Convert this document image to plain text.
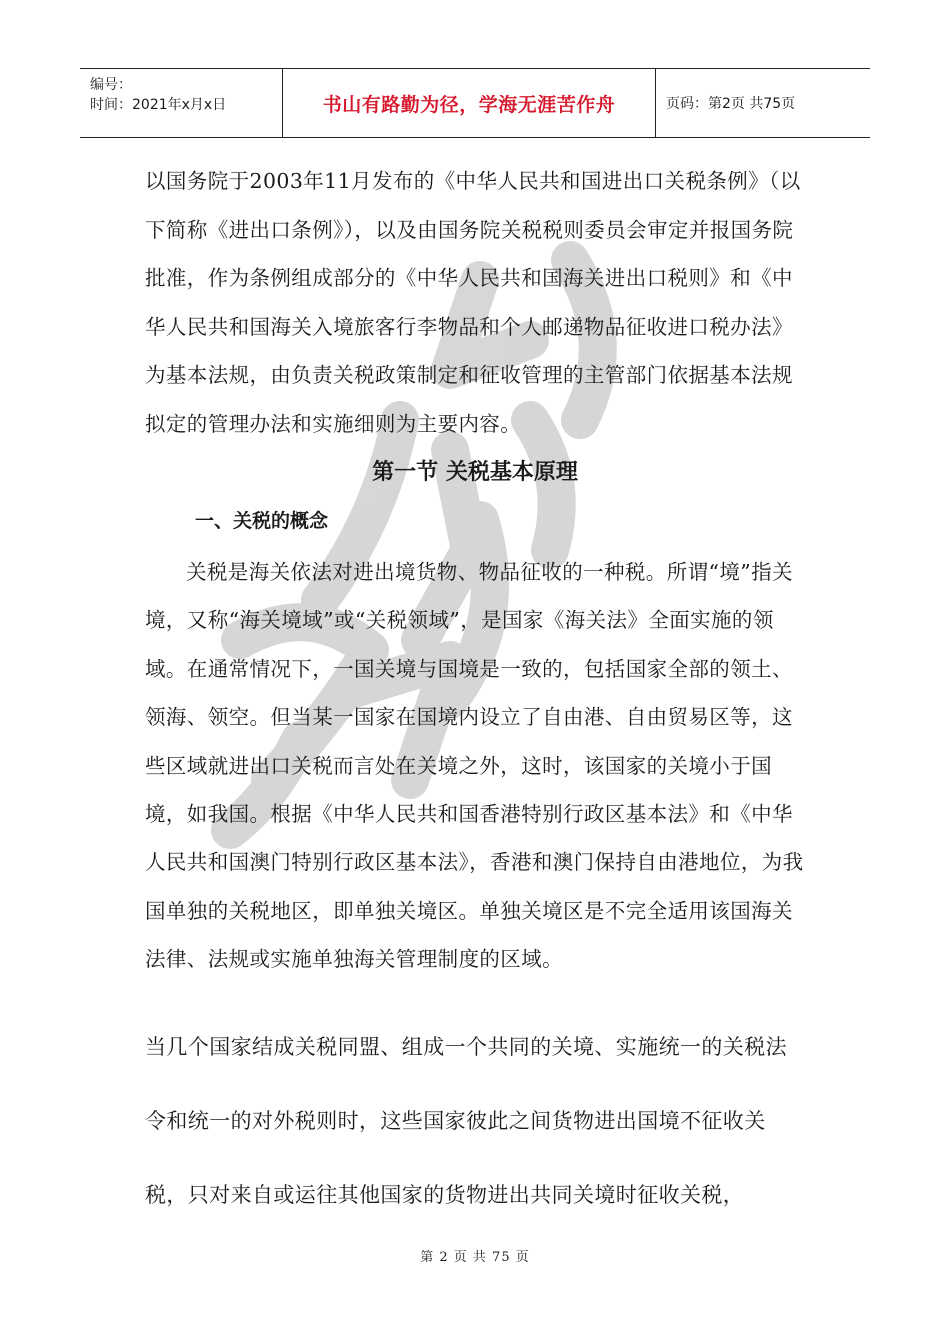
编号：
时间：2021年x月x日	书山有路勤为径，学海无涯苦作舟	页码：第2页 共75页
以国务院于2003年11月发布的《中华人民共和国进出口关税条例》（以下简称《进出口条例》），以及由国务院关税税则委员会审定并报国务院批准，作为条例组成部分的《中华人民共和国海关进出口税则》和《中华人民共和国海关入境旅客行李物品和个人邮递物品征收进口税办法》为基本法规，由负责关税政策制定和征收管理的主管部门依据基本法规拟定的管理办法和实施细则为主要内容。
第一节 关税基本原理
一、关税的概念
关税是海关依法对进出境货物、物品征收的一种税。所谓“境”指关境，又称“海关境域”或“关税领域”，是国家《海关法》全面实施的领域。在通常情况下，一国关境与国境是一致的，包括国家全部的领土、领海、领空。但当某一国家在国境内设立了自由港、自由贸易区等，这些区域就进出口关税而言处在关境之外，这时，该国家的关境小于国境，如我国。根据《中华人民共和国香港特别行政区基本法》和《中华人民共和国澳门特别行政区基本法》，香港和澳门保持自由港地位，为我国单独的关税地区，即单独关境区。单独关境区是不完全适用该国海关法律、法规或实施单独海关管理制度的区域。
当几个国家结成关税同盟、组成一个共同的关境、实施统一的关税法令和统一的对外税则时，这些国家彼此之间货物进出国境不征收关税，只对来自或运往其他国家的货物进出共同关境时征收关税，
第 2 页 共 75 页
